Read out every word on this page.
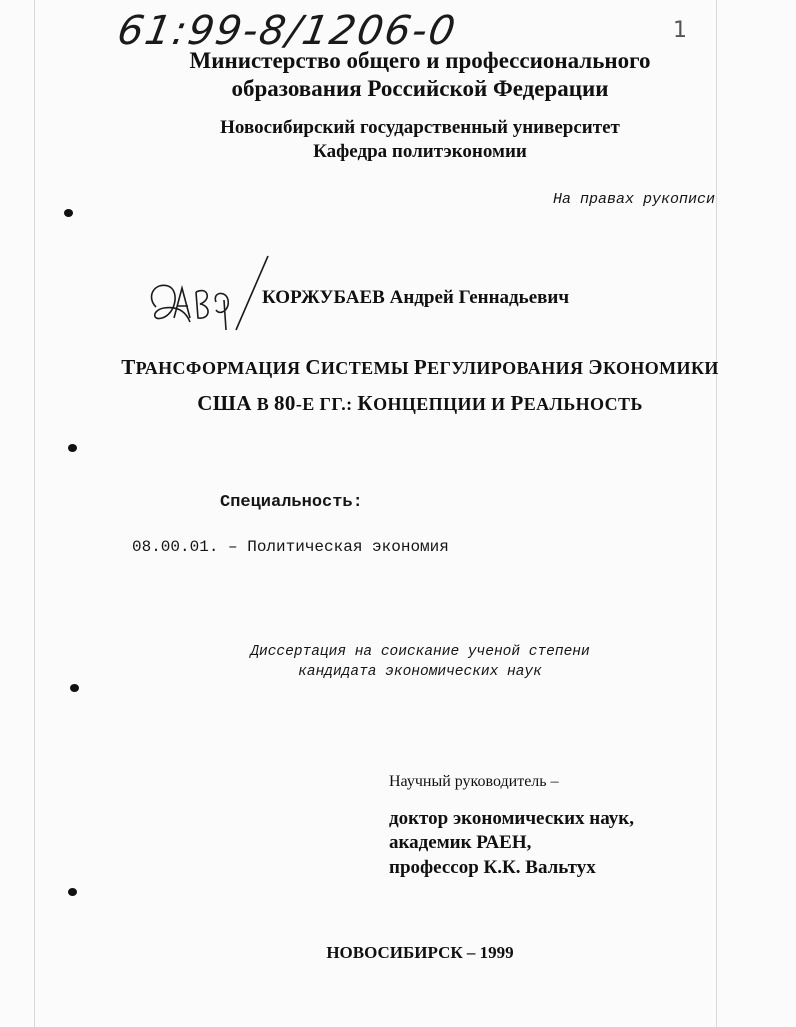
61:99-8/1206-0	1
Министерство общего и профессионального
образования Российской Федерации
Новосибирский государственный университет
Кафедра политэкономии
На правах рукописи
КОРЖУБАЕВ Андрей Геннадьевич
ТРАНСФОРМАЦИЯ СИСТЕМЫ РЕГУЛИРОВАНИЯ ЭКОНОМИКИ
США В 80-Е ГГ.: КОНЦЕПЦИИ И РЕАЛЬНОСТЬ
Специальность:
08.00.01. – Политическая экономия
Диссертация на соискание ученой степени
кандидата экономических наук
Научный руководитель –
доктор экономических наук,
академик РАЕН,
профессор К.К. Вальтух
НОВОСИБИРСК – 1999
